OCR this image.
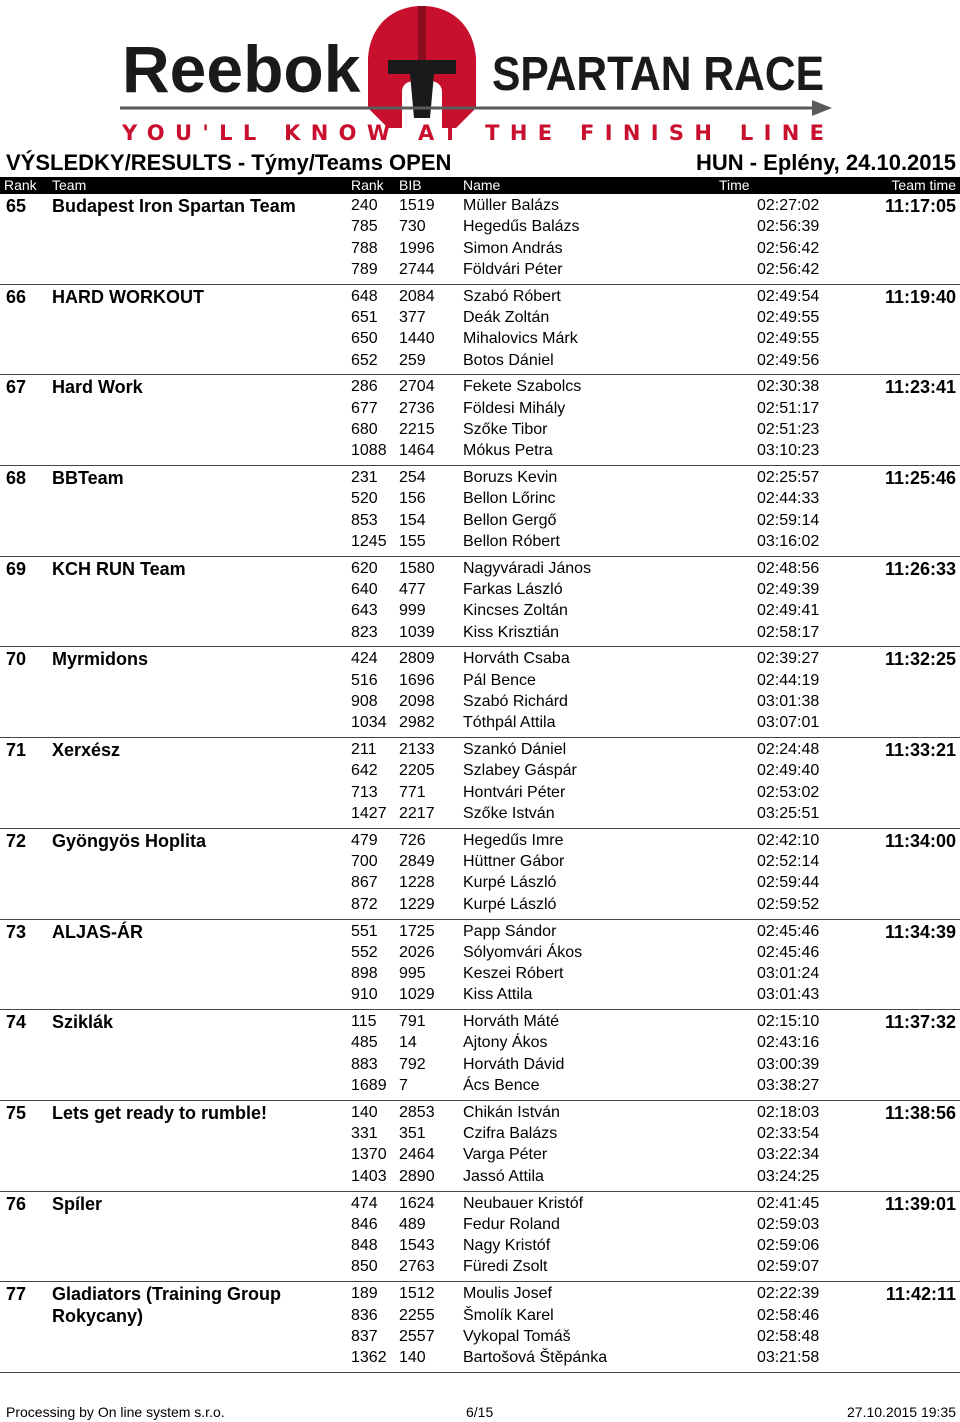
Reebok	SPARTAN RACE
YOU'LL KNOW AT THE FINISH LINE
VÝSLEDKY/RESULTS - Týmy/Teams OPEN	HUN - Eplény, 24.10.2015
Rank Team	Rank BIB	Name	Time	Team time
65 Budapest Iron Spartan Team	11:17:05
240 1519 Müller Balázs	02:27:02
785 730 Hegedűs Balázs	02:56:39
788 1996 Simon András	02:56:42
789 2744 Földvári Péter	02:56:42
66 HARD WORKOUT	11:19:40
648 2084 Szabó Róbert	02:49:54
651 377 Deák Zoltán	02:49:55
650 1440 Mihalovics Márk	02:49:55
652 259 Botos Dániel	02:49:56
67 Hard Work	11:23:41
286 2704 Fekete Szabolcs	02:30:38
677 2736 Földesi Mihály	02:51:17
680 2215 Szőke Tibor	02:51:23
1088 1464 Mókus Petra	03:10:23
68 BBTeam	11:25:46
231 254 Boruzs Kevin	02:25:57
520 156 Bellon Lőrinc	02:44:33
853 154 Bellon Gergő	02:59:14
1245 155 Bellon Róbert	03:16:02
69 KCH RUN Team	11:26:33
620 1580 Nagyváradi János	02:48:56
640 477 Farkas László	02:49:39
643 999 Kincses Zoltán	02:49:41
823 1039 Kiss Krisztián	02:58:17
70 Myrmidons	11:32:25
424 2809 Horváth Csaba	02:39:27
516 1696 Pál Bence	02:44:19
908 2098 Szabó Richárd	03:01:38
1034 2982 Tóthpál Attila	03:07:01
71 Xerxész	11:33:21
211 2133 Szankó Dániel	02:24:48
642 2205 Szlabey Gáspár	02:49:40
713 771 Hontvári Péter	02:53:02
1427 2217 Szőke István	03:25:51
72 Gyöngyös Hoplita	11:34:00
479 726 Hegedűs Imre	02:42:10
700 2849 Hüttner Gábor	02:52:14
867 1228 Kurpé László	02:59:44
872 1229 Kurpé László	02:59:52
73 ALJAS-ÁR	11:34:39
551 1725 Papp Sándor	02:45:46
552 2026 Sólyomvári Ákos	02:45:46
898 995 Keszei Róbert	03:01:24
910 1029 Kiss Attila	03:01:43
74 Sziklák	11:37:32
115 791 Horváth Máté	02:15:10
485 14	Ajtony Ákos	02:43:16
883 792 Horváth Dávid	03:00:39
1689 7	Ács Bence	03:38:27
75 Lets get ready to rumble!	11:38:56
140 2853 Chikán István	02:18:03
331 351 Czifra Balázs	02:33:54
1370 2464 Varga Péter	03:22:34
1403 2890 Jassó Attila	03:24:25
76 Spíler	11:39:01
474 1624 Neubauer Kristóf	02:41:45
846 489 Fedur Roland	02:59:03
848 1543 Nagy Kristóf	02:59:06
850 2763 Füredi Zsolt	02:59:07
77 Gladiators (Training Group Rokycany)
11:42:11
189 1512 Moulis Josef	02:22:39
836 2255 Šmolík Karel	02:58:46
837 2557 Vykopal Tomáš	02:58:48
1362 140 Bartošová Štěpánka	03:21:58
Processing by On line system s.r.o.	6/15	27.10.2015 19:35
